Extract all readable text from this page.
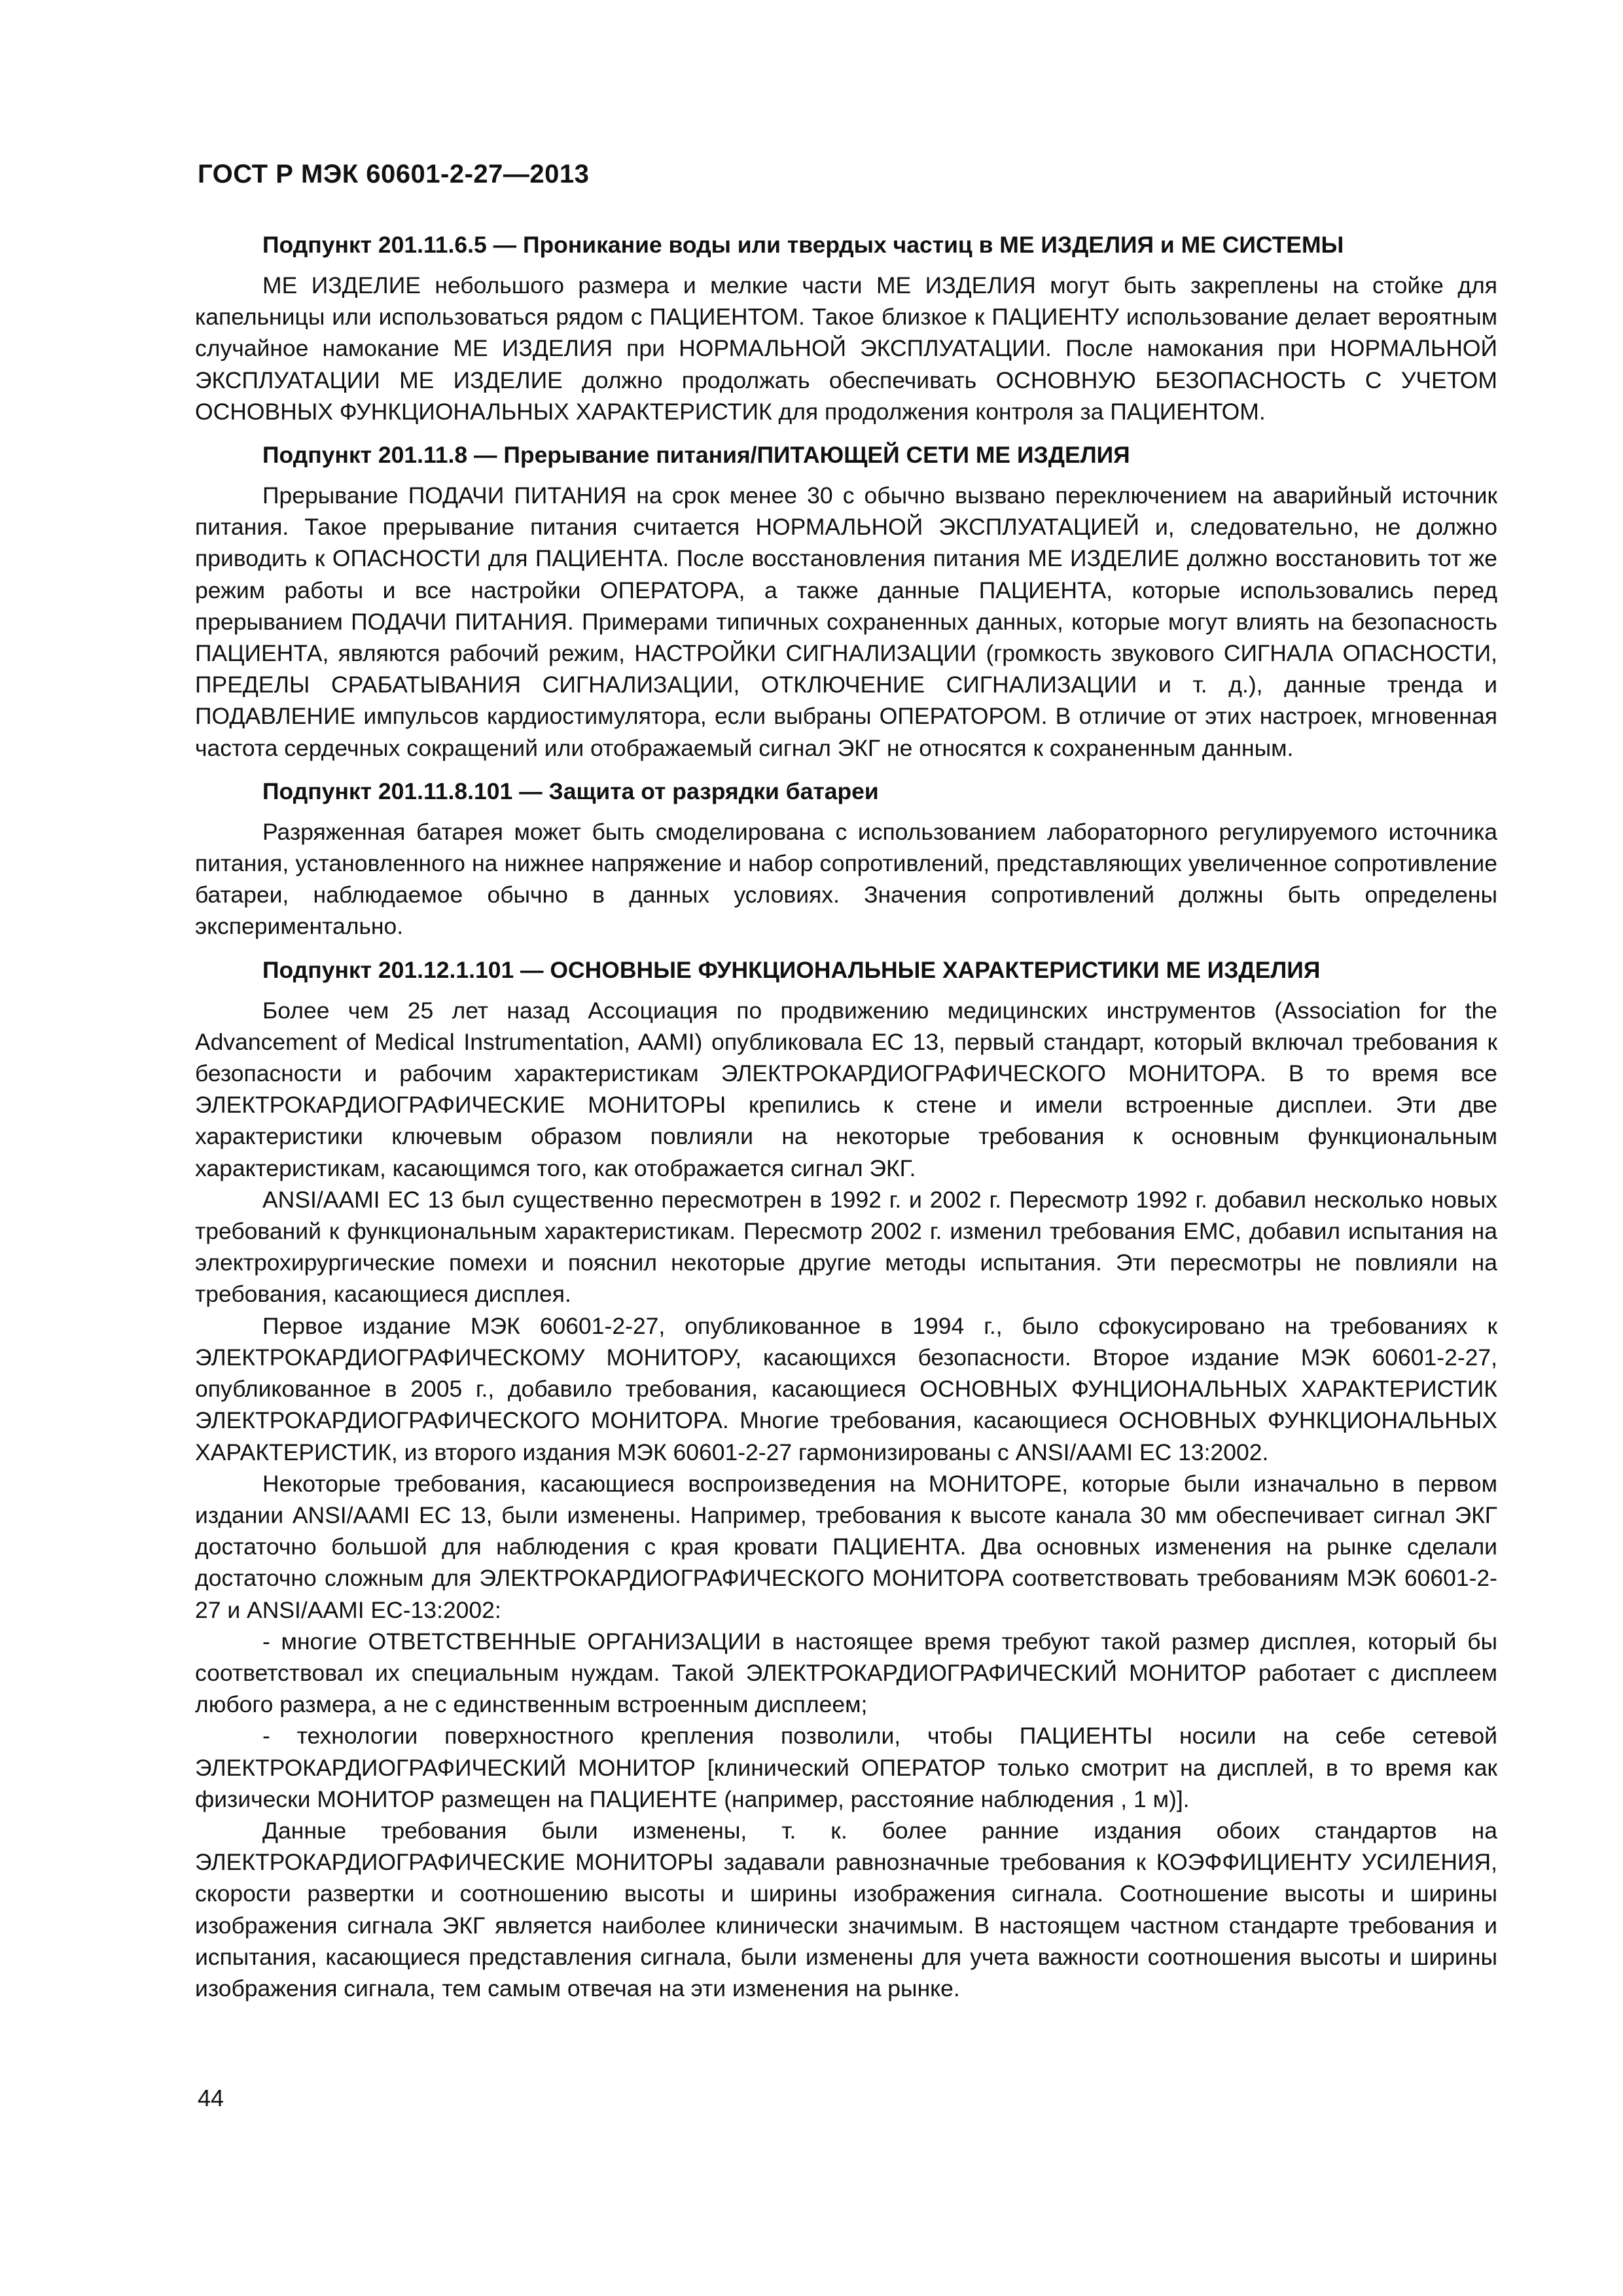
ГОСТ Р МЭК 60601-2-27—2013
Подпункт 201.11.6.5 — Проникание воды или твердых частиц в МЕ ИЗДЕЛИЯ и МЕ СИСТЕМЫ

МЕ ИЗДЕЛИЕ небольшого размера и мелкие части МЕ ИЗДЕЛИЯ могут быть закреплены на стойке для капельницы или использоваться рядом с ПАЦИЕНТОМ. Такое близкое к ПАЦИЕНТУ использование делает вероятным случайное намокание МЕ ИЗДЕЛИЯ при НОРМАЛЬНОЙ ЭКСПЛУАТАЦИИ. После намокания при НОРМАЛЬНОЙ ЭКСПЛУАТАЦИИ МЕ ИЗДЕЛИЕ должно продолжать обеспечивать ОСНОВНУЮ БЕЗОПАСНОСТЬ С УЧЕТОМ ОСНОВНЫХ ФУНКЦИОНАЛЬНЫХ ХАРАКТЕРИСТИК для продолжения контроля за ПАЦИЕНТОМ.

Подпункт 201.11.8 — Прерывание питания/ПИТАЮЩЕЙ СЕТИ МЕ ИЗДЕЛИЯ

Прерывание ПОДАЧИ ПИТАНИЯ на срок менее 30 с обычно вызвано переключением на аварийный источник питания. Такое прерывание питания считается НОРМАЛЬНОЙ ЭКСПЛУАТАЦИЕЙ и, следовательно, не должно приводить к ОПАСНОСТИ для ПАЦИЕНТА. После восстановления питания МЕ ИЗДЕЛИЕ должно восстановить тот же режим работы и все настройки ОПЕРАТОРА, а также данные ПАЦИЕНТА, которые использовались перед прерыванием ПОДАЧИ ПИТАНИЯ. Примерами типичных сохраненных данных, которые могут влиять на безопасность ПАЦИЕНТА, являются рабочий режим, НАСТРОЙКИ СИГНАЛИЗАЦИИ (громкость звукового СИГНАЛА ОПАСНОСТИ, ПРЕДЕЛЫ СРАБАТЫВАНИЯ СИГНАЛИЗАЦИИ, ОТКЛЮЧЕНИЕ СИГНАЛИЗАЦИИ и т. д.), данные тренда и ПОДАВЛЕНИЕ импульсов кардиостимулятора, если выбраны ОПЕРАТОРОМ. В отличие от этих настроек, мгновенная частота сердечных сокращений или отображаемый сигнал ЭКГ не относятся к сохраненным данным.

Подпункт 201.11.8.101 — Защита от разрядки батареи

Разряженная батарея может быть смоделирована с использованием лабораторного регулируемого источника питания, установленного на нижнее напряжение и набор сопротивлений, представляющих увеличенное сопротивление батареи, наблюдаемое обычно в данных условиях. Значения сопротивлений должны быть определены экспериментально.

Подпункт 201.12.1.101 — ОСНОВНЫЕ ФУНКЦИОНАЛЬНЫЕ ХАРАКТЕРИСТИКИ МЕ ИЗДЕЛИЯ

Более чем 25 лет назад Ассоциация по продвижению медицинских инструментов (Association for the Advancement of Medical Instrumentation, AAMI) опубликовала ЕС 13, первый стандарт, который включал требования к безопасности и рабочим характеристикам ЭЛЕКТРОКАРДИОГРАФИЧЕСКОГО МОНИТОРА. В то время все ЭЛЕКТРОКАРДИОГРАФИЧЕСКИЕ МОНИТОРЫ крепились к стене и имели встроенные дисплеи. Эти две характеристики ключевым образом повлияли на некоторые требования к основным функциональным характеристикам, касающимся того, как отображается сигнал ЭКГ.

ANSI/AAMI EC 13 был существенно пересмотрен в 1992 г. и 2002 г. Пересмотр 1992 г. добавил несколько новых требований к функциональным характеристикам. Пересмотр 2002 г. изменил требования ЕМС, добавил испытания на электрохирургические помехи и пояснил некоторые другие методы испытания. Эти пересмотры не повлияли на требования, касающиеся дисплея.

Первое издание МЭК 60601-2-27, опубликованное в 1994 г., было сфокусировано на требованиях к ЭЛЕКТРОКАРДИОГРАФИЧЕСКОМУ МОНИТОРУ, касающихся безопасности. Второе издание МЭК 60601-2-27, опубликованное в 2005 г., добавило требования, касающиеся ОСНОВНЫХ ФУНЦИОНАЛЬНЫХ ХАРАКТЕРИСТИК ЭЛЕКТРОКАРДИОГРАФИЧЕСКОГО МОНИТОРА. Многие требования, касающиеся ОСНОВНЫХ ФУНКЦИОНАЛЬНЫХ ХАРАКТЕРИСТИК, из второго издания МЭК 60601-2-27 гармонизированы с ANSI/AAMI EC 13:2002.

Некоторые требования, касающиеся воспроизведения на МОНИТОРЕ, которые были изначально в первом издании ANSI/AAMI EC 13, были изменены. Например, требования к высоте канала 30 мм обеспечивает сигнал ЭКГ достаточно большой для наблюдения с края кровати ПАЦИЕНТА. Два основных изменения на рынке сделали достаточно сложным для ЭЛЕКТРОКАРДИОГРАФИЧЕСКОГО МОНИТОРА соответствовать требованиям МЭК 60601-2-27 и ANSI/AAMI EC-13:2002:

- многие ОТВЕТСТВЕННЫЕ ОРГАНИЗАЦИИ в настоящее время требуют такой размер дисплея, который бы соответствовал их специальным нуждам. Такой ЭЛЕКТРОКАРДИОГРАФИЧЕСКИЙ МОНИТОР работает с дисплеем любого размера, а не с единственным встроенным дисплеем;

- технологии поверхностного крепления позволили, чтобы ПАЦИЕНТЫ носили на себе сетевой ЭЛЕКТРОКАРДИОГРАФИЧЕСКИЙ МОНИТОР [клинический ОПЕРАТОР только смотрит на дисплей, в то время как физически МОНИТОР размещен на ПАЦИЕНТЕ (например, расстояние наблюдения , 1 м)].

Данные требования были изменены, т. к. более ранние издания обоих стандартов на ЭЛЕКТРОКАРДИОГРАФИЧЕСКИЕ МОНИТОРЫ задавали равнозначные требования к КОЭФФИЦИЕНТУ УСИЛЕНИЯ, скорости развертки и соотношению высоты и ширины изображения сигнала. Соотношение высоты и ширины изображения сигнала ЭКГ является наиболее клинически значимым. В настоящем частном стандарте требования и испытания, касающиеся представления сигнала, были изменены для учета важности соотношения высоты и ширины изображения сигнала, тем самым отвечая на эти изменения на рынке.

44
